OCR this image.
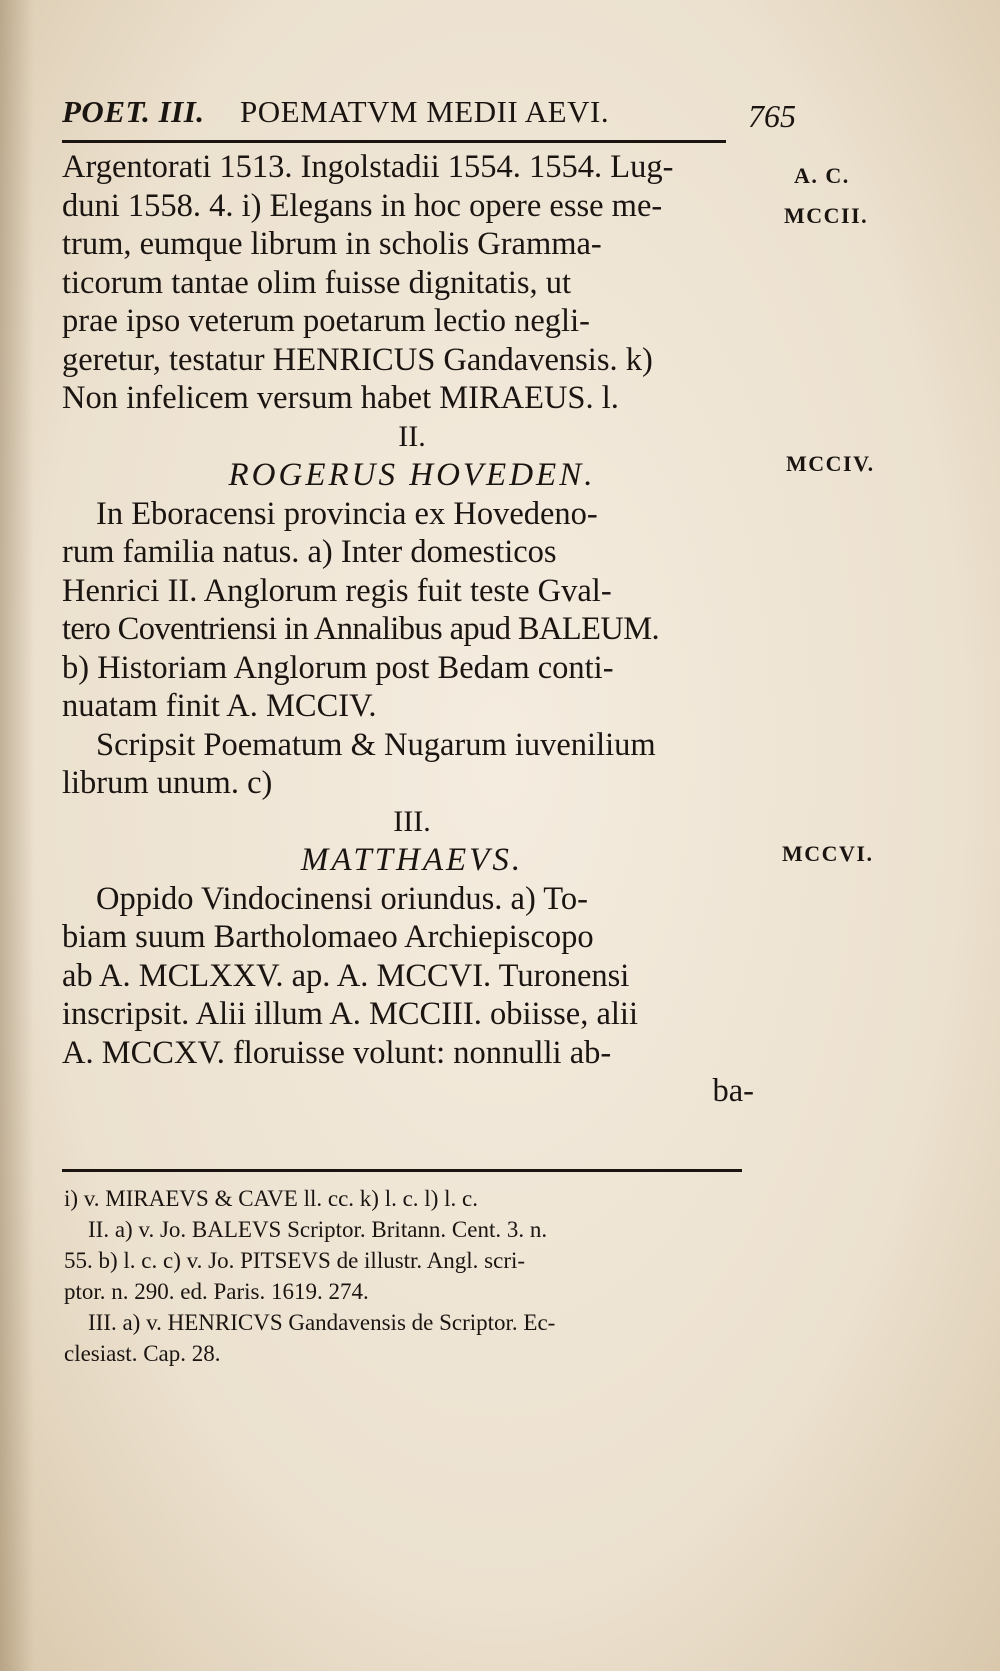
POET. III. POEMATVM MEDII AEVI.	765
Argentorati 1513. Ingolstadii 1554. 1554. Lug-
duni 1558. 4. i) Elegans in hoc opere esse me-
trum, eumque librum in scholis Gramma-
ticorum tantae olim fuisse dignitatis, ut
prae ipso veterum poetarum lectio negli-
geretur, testatur HENRICUS Gandavensis. k)
Non infelicem versum habet MIRAEUS. l.
II.
ROGERUS HOVEDEN.
In Eboracensi provincia ex Hovedeno-
rum familia natus. a) Inter domesticos
Henrici II. Anglorum regis fuit teste Gval-
tero Coventriensi in Annalibus apud BALEUM.
b) Historiam Anglorum post Bedam conti-
nuatam finit A. MCCIV.
Scripsit Poematum & Nugarum iuvenilium
librum unum. c)
III.
MATTHAEVS.
Oppido Vindocinensi oriundus. a) To-
biam suum Bartholomaeo Archiepiscopo
ab A. MCLXXV. ap. A. MCCVI. Turonensi
inscripsit. Alii illum A. MCCIII. obiisse, alii
A. MCCXV. floruisse volunt: nonnulli ab-
ba-
A. C.
MCCII.
MCCIV.
MCCVI.
i) v. MIRAEVS & CAVE ll. cc. k) l. c. l) l. c.
II. a) v. Jo. BALEVS Scriptor. Britann. Cent. 3. n.
55. b) l. c. c) v. Jo. PITSEVS de illustr. Angl. scri-
ptor. n. 290. ed. Paris. 1619. 274.
III. a) v. HENRICVS Gandavensis de Scriptor. Ec-
clesiast. Cap. 28.
